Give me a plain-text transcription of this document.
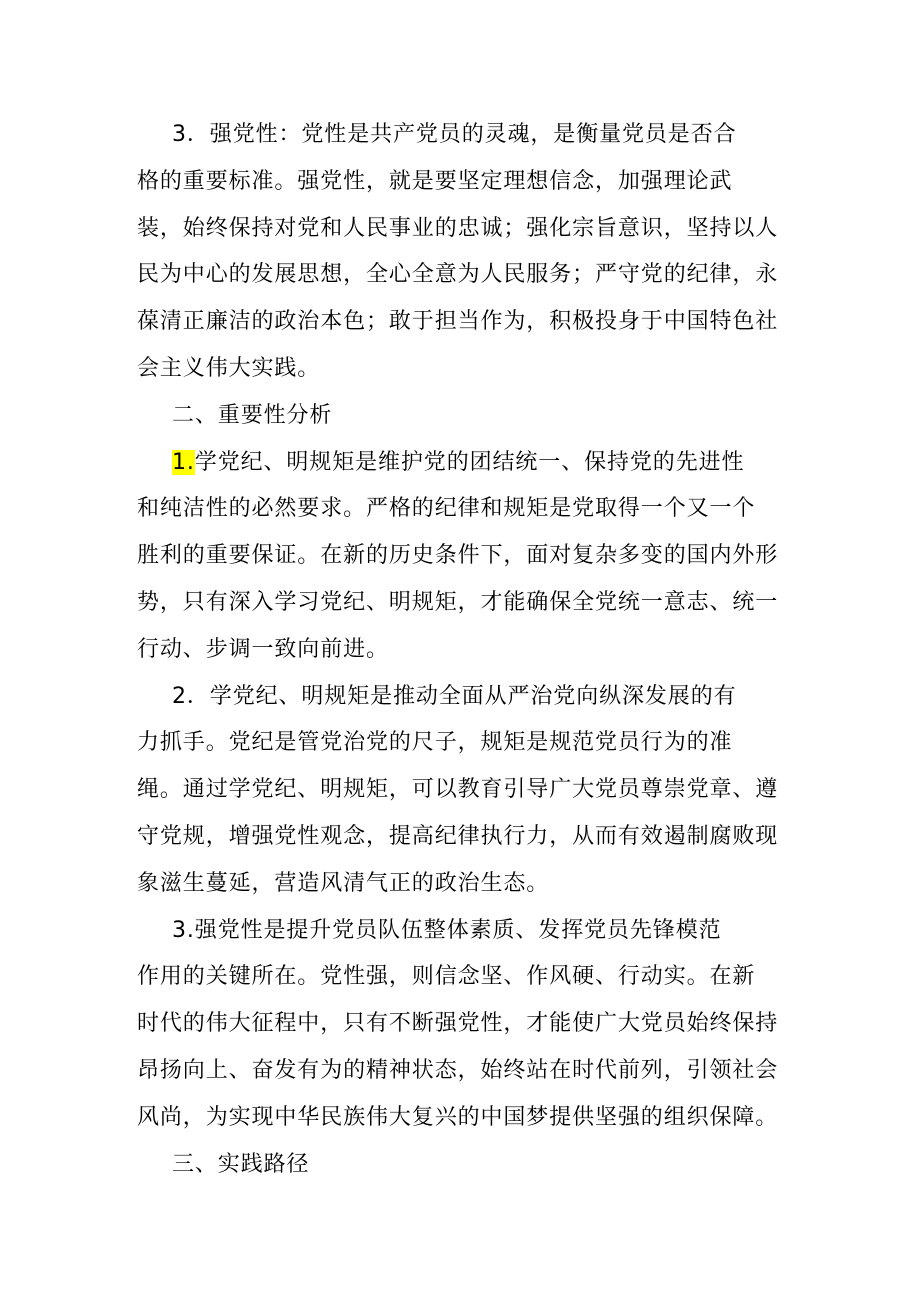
3．强党性：党性是共产党员的灵魂，是衡量党员是否合
格的重要标准。强党性，就是要坚定理想信念，加强理论武
装，始终保持对党和人民事业的忠诚；强化宗旨意识，坚持以人
民为中心的发展思想，全心全意为人民服务；严守党的纪律，永
葆清正廉洁的政治本色；敢于担当作为，积极投身于中国特色社
会主义伟大实践。
二、重要性分析
1.学党纪、明规矩是维护党的团结统一、保持党的先进性
和纯洁性的必然要求。严格的纪律和规矩是党取得一个又一个
胜利的重要保证。在新的历史条件下，面对复杂多变的国内外形
势，只有深入学习党纪、明规矩，才能确保全党统一意志、统一
行动、步调一致向前进。
2．学党纪、明规矩是推动全面从严治党向纵深发展的有
力抓手。党纪是管党治党的尺子，规矩是规范党员行为的准
绳。通过学党纪、明规矩，可以教育引导广大党员尊崇党章、遵
守党规，增强党性观念，提高纪律执行力，从而有效遏制腐败现
象滋生蔓延，营造风清气正的政治生态。
3.强党性是提升党员队伍整体素质、发挥党员先锋模范
作用的关键所在。党性强，则信念坚、作风硬、行动实。在新
时代的伟大征程中，只有不断强党性，才能使广大党员始终保持
昂扬向上、奋发有为的精神状态，始终站在时代前列，引领社会
风尚，为实现中华民族伟大复兴的中国梦提供坚强的组织保障。
三、实践路径
